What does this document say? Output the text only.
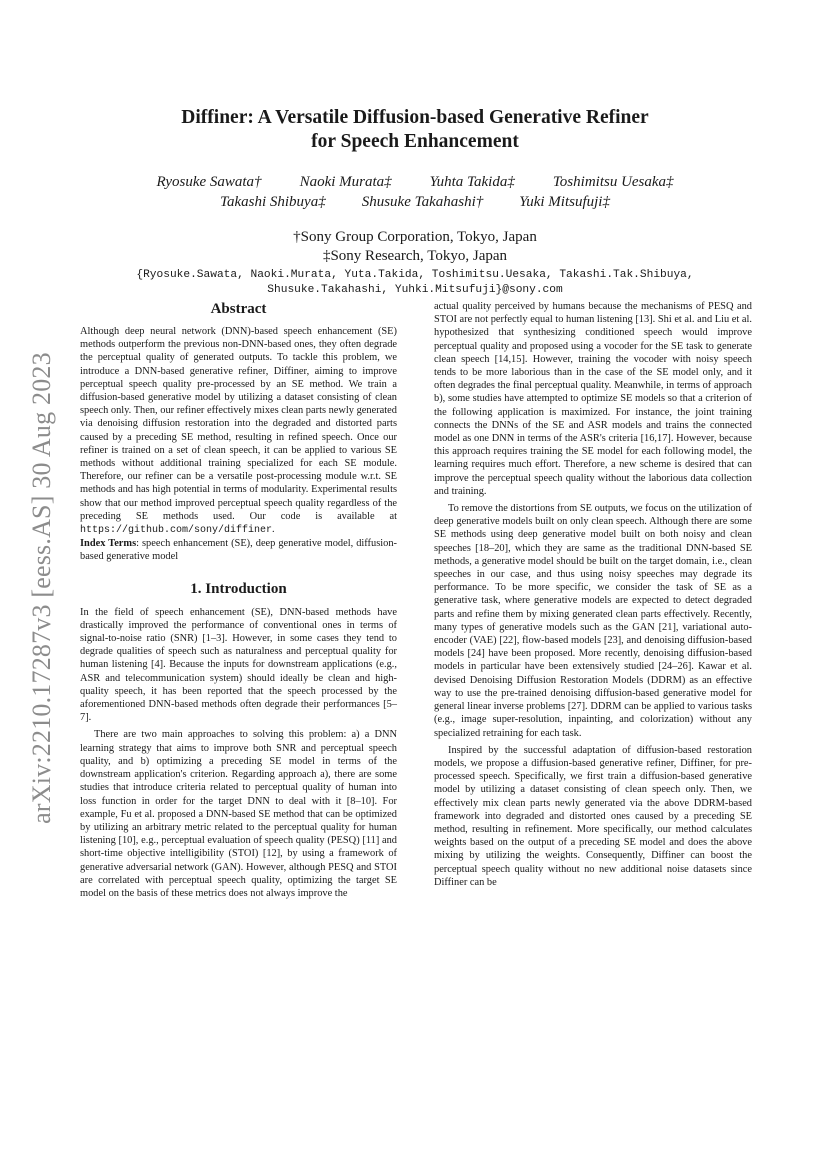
arXiv:2210.17287v3 [eess.AS] 30 Aug 2023
Diffiner: A Versatile Diffusion-based Generative Refiner
for Speech Enhancement
Ryosuke Sawata†	Naoki Murata‡	Yuhta Takida‡	Toshimitsu Uesaka‡
Takashi Shibuya‡ Shusuke Takahashi† Yuki Mitsufuji‡
†Sony Group Corporation, Tokyo, Japan
‡Sony Research, Tokyo, Japan
{Ryosuke.Sawata, Naoki.Murata, Yuta.Takida, Toshimitsu.Uesaka, Takashi.Tak.Shibuya,
Shusuke.Takahashi, Yuhki.Mitsufuji}@sony.com
Abstract

Although deep neural network (DNN)-based speech enhancement (SE) methods outperform the previous non-DNN-based ones, they often degrade the perceptual quality of generated outputs. To tackle this problem, we introduce a DNN-based generative refiner, Diffiner, aiming to improve perceptual speech quality pre-processed by an SE method. We train a diffusion-based generative model by utilizing a dataset consisting of clean speech only. Then, our refiner effectively mixes clean parts newly generated via denoising diffusion restoration into the degraded and distorted parts caused by a preceding SE method, resulting in refined speech. Once our refiner is trained on a set of clean speech, it can be applied to various SE methods without additional training specialized for each SE module. Therefore, our refiner can be a versatile post-processing module w.r.t. SE methods and has high potential in terms of modularity. Experimental results show that our method improved perceptual speech quality regardless of the preceding SE methods used. Our code is available at https://github.com/sony/diffiner.

Index Terms: speech enhancement (SE), deep generative model, diffusion-based generative model

1. Introduction

In the field of speech enhancement (SE), DNN-based methods have drastically improved the performance of conventional ones in terms of signal-to-noise ratio (SNR) [1–3]. However, in some cases they tend to degrade qualities of speech such as naturalness and perceptual quality for human listening [4]. Because the inputs for downstream applications (e.g., ASR and telecommunication system) should ideally be clean and high-quality speech, it has been reported that the speech processed by the aforementioned DNN-based methods often degrade their performances [5–7].

There are two main approaches to solving this problem: a) a DNN learning strategy that aims to improve both SNR and perceptual speech quality, and b) optimizing a preceding SE model in terms of the downstream application's criterion. Regarding approach a), there are some studies that introduce criteria related to perceptual quality of human into loss function in order for the target DNN to deal with it [8–10]. For example, Fu et al. proposed a DNN-based SE method that can be optimized by utilizing an arbitrary metric related to the perceptual quality for human listening [10], e.g., perceptual evaluation of speech quality (PESQ) [11] and short-time objective intelligibility (STOI) [12], by using a framework of generative adversarial network (GAN). However, although PESQ and STOI are correlated with perceptual speech quality, optimizing the target SE model on the basis of these metrics does not always improve the

actual quality perceived by humans because the mechanisms of PESQ and STOI are not perfectly equal to human listening [13]. Shi et al. and Liu et al. hypothesized that synthesizing conditioned speech would improve perceptual quality and proposed using a vocoder for the SE task to generate clean speech [14,15]. However, training the vocoder with noisy speech tends to be more laborious than in the case of the SE model only, and it often degrades the final perceptual quality. Meanwhile, in terms of approach b), some studies have attempted to optimize SE models so that a criterion of the following application is maximized. For instance, the joint training connects the DNNs of the SE and ASR models and trains the connected model as one DNN in terms of the ASR's criteria [16,17]. However, because this approach requires training the SE model for each following model, the learning requires much effort. Therefore, a new scheme is desired that can improve the perceptual speech quality without the laborious data collection and training.

To remove the distortions from SE outputs, we focus on the utilization of deep generative models built on only clean speech. Although there are some SE methods using deep generative model built on both noisy and clean speeches [18–20], which they are same as the traditional DNN-based SE methods, a generative model should be built on the target domain, i.e., clean speeches in our case, and thus using noisy speeches may degrade its performance. To be more specific, we consider the task of SE as a generative task, where generative models are expected to detect degraded parts and refine them by mixing generated clean parts effectively. Recently, many types of generative models such as the GAN [21], variational auto-encoder (VAE) [22], flow-based models [23], and denoising diffusion-based models [24] have been proposed. More recently, denoising diffusion-based models in particular have been extensively studied [24–26]. Kawar et al. devised Denoising Diffusion Restoration Models (DDRM) as an effective way to use the pre-trained denoising diffusion-based generative model for general linear inverse problems [27]. DDRM can be applied to various tasks (e.g., image super-resolution, inpainting, and colorization) without any specialized retraining for each task.

Inspired by the successful adaptation of diffusion-based restoration models, we propose a diffusion-based generative refiner, Diffiner, for pre-processed speech. Specifically, we first train a diffusion-based generative model by utilizing a dataset consisting of clean speech only. Then, we effectively mix clean parts newly generated via the above DDRM-based framework into degraded and distorted ones caused by a preceding SE method, resulting in refinement. More specifically, our method calculates weights based on the output of a preceding SE model and does the above mixing by utilizing the weights. Consequently, Diffiner can boost the perceptual speech quality without no new additional noise datasets since Diffiner can be
